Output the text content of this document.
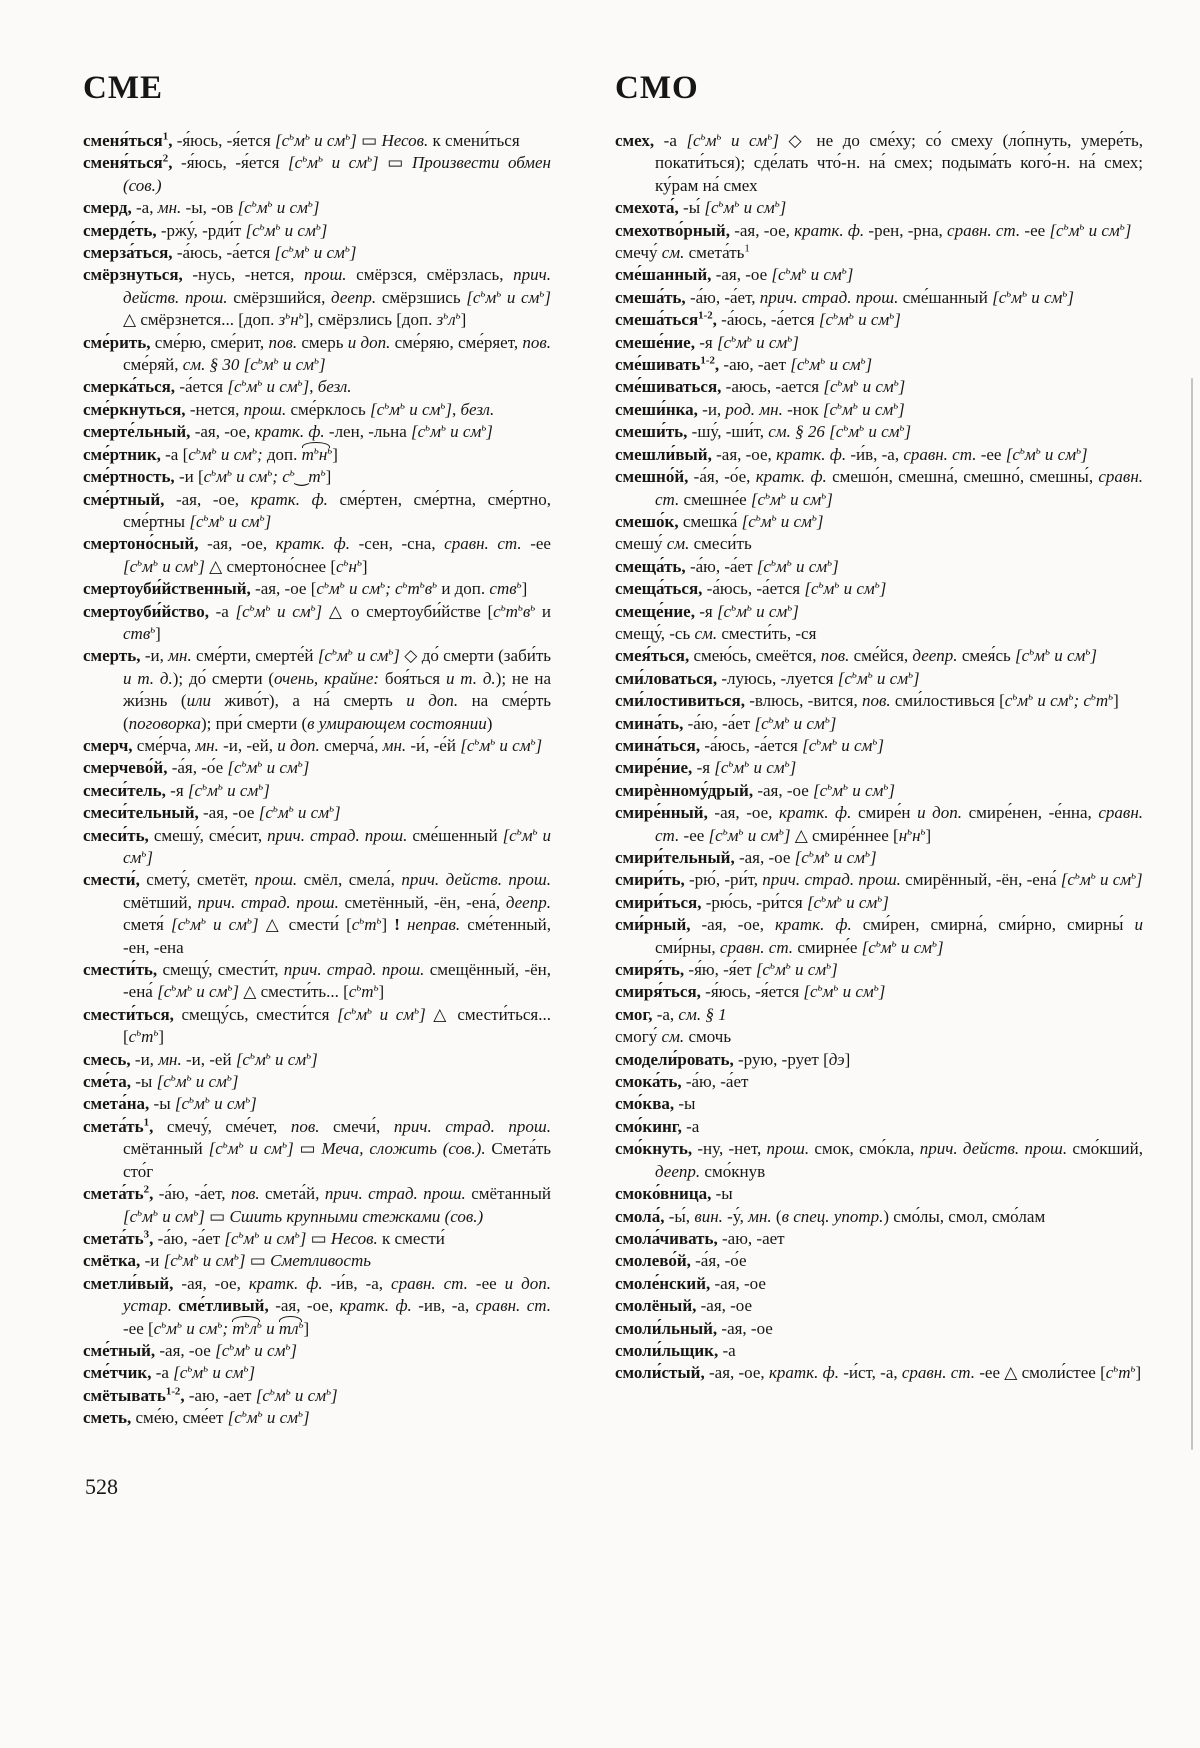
СМЕ
сменя́ться$^1$, -я́юсь, -я́ется [$с^ьм^ь$ и $см^ь$] ▭ Несов. к смени́ться
сменя́ться$^2$, -я́юсь, -я́ется [$с^ьм^ь$ и $см^ь$] ▭ Произвести обмен (сов.)
смерд, -а, мн. -ы, -ов [$с^ьм^ь$ и $см^ь$]
смерде́ть, -ржу́, -рди́т [$с^ьм^ь$ и $см^ь$]
смерза́ться, -а́юсь, -а́ется [$с^ьм^ь$ и $см^ь$]
смёрзнуться, -нусь, -нется, прош. смёрзся, смёрзлась, прич. действ. прош. смёрзшийся, деепр. смёрзшись [$с^ьм^ь$ и $см^ь$] △ смёрзнется... [доп. $з^ьн^ь$], смёрзлись [доп. $з^ьл^ь$]
сме́рить, сме́рю, сме́рит, пов. смерь и доп. сме́ряю, сме́ряет, пов. сме́ряй, см. § 30 [$с^ьм^ь$ и $см^ь$]
смерка́ться, -а́ется [$с^ьм^ь$ и $см^ь$], безл.
сме́ркнуться, -нется, прош. сме́рклось [$с^ьм^ь$ и $см^ь$], безл.
смерте́льный, -ая, -ое, кратк. ф. -лен, -льна [$с^ьм^ь$ и $см^ь$]
сме́ртник, -а [$с^ьм^ь$ и $см^ь$; доп. $т^ьн^ь$]
сме́ртность, -и [$с^ьм^ь$ и $см^ь$; $с^ь‿т^ь$]
сме́ртный, -ая, -ое, кратк. ф. сме́ртен, сме́ртна, сме́ртно, сме́ртны [$с^ьм^ь$ и $см^ь$]
смертоно́сный, -ая, -ое, кратк. ф. -сен, -сна, сравн. ст. -ее [$с^ьм^ь$ и $см^ь$] △ смертоно́снее $[с^ьн^ь]$
смертоуби́йственный, -ая, -ое [$с^ьм^ь$ и $см^ь$; $с^ьт^ьв^ь$ и доп. ств$^ь$]
смертоуби́йство, -а [$с^ьм^ь$ и $см^ь$] △ о смертоуби́йстве [$с^ьт^ьв^ь$ и ств$^ь$]
смерть, -и, мн. сме́рти, смерте́й [$с^ьм^ь$ и $см^ь$] ◇ до́ смерти (заби́ть и т. д.); до́ смерти (очень, крайне: боя́ться и т. д.); не на жи́знь (или живо́т), а на́ смерть и доп. на сме́рть (поговорка); при́ смерти (в умирающем состоянии)
смерч, сме́рча, мн. -и, -ей, и доп. смерча́, мн. -и́, -е́й [$с^ьм^ь$ и $см^ь$]
смерчево́й, -а́я, -о́е [$с^ьм^ь$ и $см^ь$]
смеси́тель, -я [$с^ьм^ь$ и $см^ь$]
смеси́тельный, -ая, -ое [$с^ьм^ь$ и $см^ь$]
смеси́ть, смешу́, сме́сит, прич. страд. прош. сме́шенный [$с^ьм^ь$ и $см^ь$]
смести́, смету́, сметёт, прош. смёл, смела́, прич. действ. прош. смётший, прич. страд. прош. сметённый, -ён, -ена́, деепр. сметя́ [$с^ьм^ь$ и $см^ь$] △ смести́ $[с^ьт^ь]$ ! неправ. сме́тенный, -ен, -ена
смести́ть, смещу́, смести́т, прич. страд. прош. смещённый, -ён, -ена́ [$с^ьм^ь$ и $см^ь$] △ смести́ть... $[с^ьт^ь]$
смести́ться, смещу́сь, смести́тся [$с^ьм^ь$ и $см^ь$] △ смести́ться... $[с^ьт^ь]$
смесь, -и, мн. -и, -ей [$с^ьм^ь$ и $см^ь$]
сме́та, -ы [$с^ьм^ь$ и $см^ь$]
смета́на, -ы [$с^ьм^ь$ и $см^ь$]
$смета́ть^1$, смечу́, сме́чет, пов. смечи́, прич. страд. прош. смётанный [$с^ьм^ь$ и $см^ь$] ▭ Меча, сложить (сов.). Смета́ть сто́г
$смета́ть^2$, -а́ю, -а́ет, пов. смета́й, прич. страд. прош. смётанный [$с^ьм^ь$ и $см^ь$] ▭ Сшить крупными стежками (сов.)
$смета́ть^3$, -а́ю, -а́ет [$с^ьм^ь$ и $см^ь$] ▭ Несов. к смести́
смётка, -и [$с^ьм^ь$ и $см^ь$] ▭ Сметливость
сметли́вый, -ая, -ое, кратк. ф. -и́в, -а, сравн. ст. -ее и доп. устар. сме́тливый, -ая, -ое, кратк. ф. -ив, -а, сравн. ст. -ее [$с^ьм^ь$ и $см^ь$; $т^ьл^ь$ и $тл^ь$]
сме́тный, -ая, -ое [$с^ьм^ь$ и $см^ь$]
сме́тчик, -а [$с^ьм^ь$ и $см^ь$]
смётывать$^{1-2}$, -аю, -ает [$с^ьм^ь$ и $см^ь$]
сметь, сме́ю, сме́ет [$с^ьм^ь$ и $см^ь$]
СМО
смех, -а [$с^ьм^ь$ и $см^ь$] ◇ не до сме́ху; со́ смеху (ло́пнуть, умере́ть, покати́ться); сде́лать что́-н. на́ смех; подыма́ть кого́-н. на́ смех; ку́рам на́ смех
смехота́, -ы́ [$с^ьм^ь$ и $см^ь$]
смехотво́рный, -ая, -ое, кратк. ф. -рен, -рна, сравн. ст. -ее [$с^ьм^ь$ и $см^ь$]
смечу́ см. $смета́ть^1$
сме́шанный, -ая, -ое [$с^ьм^ь$ и $см^ь$]
смеша́ть, -а́ю, -а́ет, прич. страд. прош. сме́шанный [$с^ьм^ь$ и $см^ь$]
смеша́ться$^{1-2}$, -а́юсь, -а́ется [$с^ьм^ь$ и $см^ь$]
смеше́ние, -я [$с^ьм^ь$ и $см^ь$]
сме́шивать$^{1-2}$, -аю, -ает [$с^ьм^ь$ и $см^ь$]
сме́шиваться, -аюсь, -ается [$с^ьм^ь$ и $см^ь$]
смеши́нка, -и, род. мн. -нок [$с^ьм^ь$ и $см^ь$]
смеши́ть, -шу́, -ши́т, см. § 26 [$с^ьм^ь$ и $см^ь$]
смешли́вый, -ая, -ое, кратк. ф. -и́в, -а, сравн. ст. -ее [$с^ьм^ь$ и $см^ь$]
смешно́й, -а́я, -о́е, кратк. ф. смешо́н, смешна́, смешно́, смешны́, сравн. ст. смешне́е [$с^ьм^ь$ и $см^ь$]
смешо́к, смешка́ [$с^ьм^ь$ и $см^ь$]
смешу́ см. смеси́ть
смеща́ть, -а́ю, -а́ет [$с^ьм^ь$ и $см^ь$]
смеща́ться, -а́юсь, -а́ется [$с^ьм^ь$ и $см^ь$]
смеще́ние, -я [$с^ьм^ь$ и $см^ь$]
смещу́, -сь см. смести́ть, -ся
смея́ться, смею́сь, смеётся, пов. сме́йся, деепр. смея́сь [$с^ьм^ь$ и $см^ь$]
сми́ловаться, -луюсь, -луется [$с^ьм^ь$ и $см^ь$]
сми́лостивиться, -влюсь, -вится, пов. сми́лостивься [$с^ьм^ь$ и $см^ь$; $с^ьт^ь$]
смина́ть, -а́ю, -а́ет [$с^ьм^ь$ и $см^ь$]
смина́ться, -а́юсь, -а́ется [$с^ьм^ь$ и $см^ь$]
смире́ние, -я [$с^ьм^ь$ и $см^ь$]
смирѐнному́дрый, -ая, -ое [$с^ьм^ь$ и $см^ь$]
смире́нный, -ая, -ое, кратк. ф. смире́н и доп. смире́нен, -е́нна, сравн. ст. -ее [$с^ьм^ь$ и $см^ь$] △ смире́ннее $[н^ьн^ь]$
смири́тельный, -ая, -ое [$с^ьм^ь$ и $см^ь$]
смири́ть, -рю́, -ри́т, прич. страд. прош. смирённый, -ён, -ена́ [$с^ьм^ь$ и $см^ь$]
смири́ться, -рю́сь, -ри́тся [$с^ьм^ь$ и $см^ь$]
сми́рный, -ая, -ое, кратк. ф. сми́рен, смирна́, сми́рно, смирны́ и сми́рны, сравн. ст. смирне́е [$с^ьм^ь$ и $см^ь$]
смиря́ть, -я́ю, -я́ет [$с^ьм^ь$ и $см^ь$]
смиря́ться, -я́юсь, -я́ется [$с^ьм^ь$ и $см^ь$]
смог, -а, см. § 1
смогу́ см. смочь
смодели́ровать, -рую, -рует [дэ]
смока́ть, -а́ю, -а́ет
смо́ква, -ы
смо́кинг, -а
смо́кнуть, -ну, -нет, прош. смок, смо́кла, прич. действ. прош. смо́кший, деепр. смо́кнув
смоко́вница, -ы
смола́, -ы́, вин. -у́, мн. (в спец. употр.) смо́лы, смол, смо́лам
смола́чивать, -аю, -ает
смолево́й, -а́я, -о́е
смоле́нский, -ая, -ое
смолёный, -ая, -ое
смоли́льный, -ая, -ое
смоли́льщик, -а
смоли́стый, -ая, -ое, кратк. ф. -и́ст, -а, сравн. ст. -ее △ смоли́стее $[с^ьт^ь]$
528
